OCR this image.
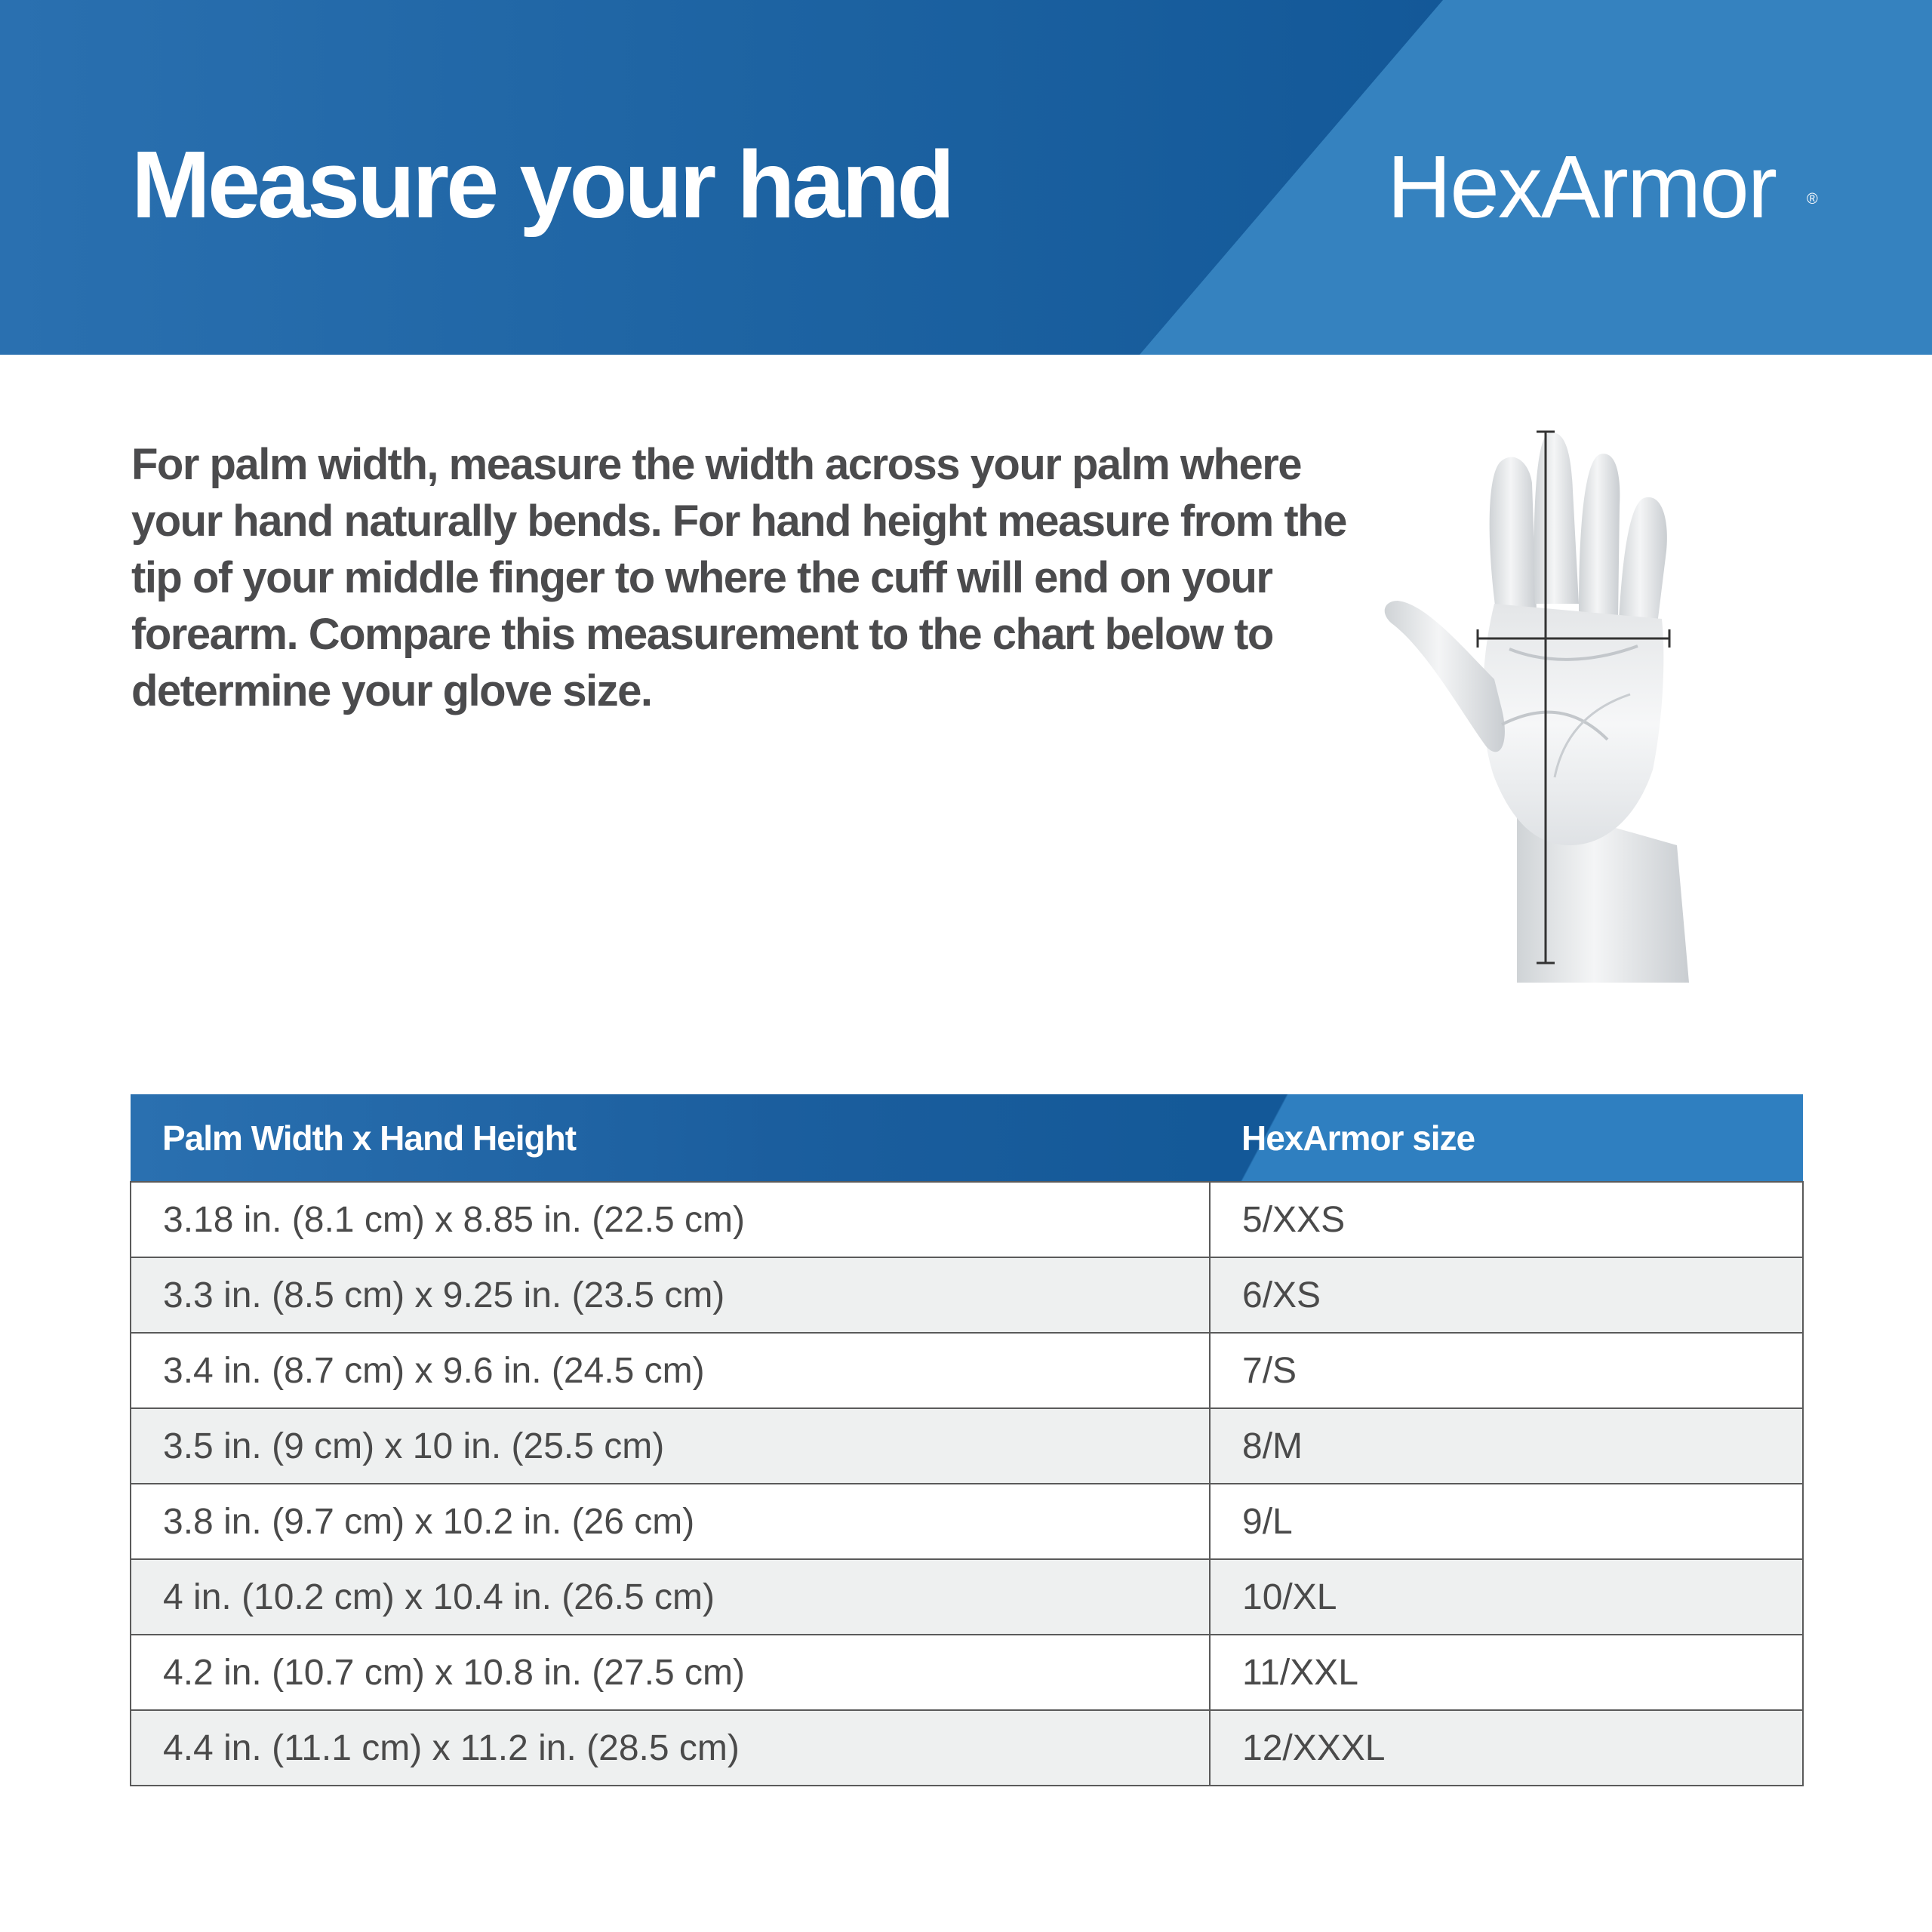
Measure your hand	HexArmor ®
For palm width, measure the width across your palm where your hand naturally bends. For hand height measure from the tip of your middle finger to where the cuff will end on your forearm. Compare this measurement to the chart below to determine your glove size.
Palm Width x Hand Height	HexArmor size
3.18 in. (8.1 cm) x 8.85 in. (22.5 cm)	5/XXS
3.3 in. (8.5 cm) x 9.25 in. (23.5 cm)	6/XS
3.4 in. (8.7 cm) x 9.6 in. (24.5 cm)	7/S
3.5 in. (9 cm) x 10 in. (25.5 cm)	8/M
3.8 in. (9.7 cm) x 10.2 in. (26 cm)	9/L
4 in. (10.2 cm) x 10.4 in. (26.5 cm)	10/XL
4.2 in. (10.7 cm) x 10.8 in. (27.5 cm)	11/XXL
4.4 in. (11.1 cm) x 11.2 in. (28.5 cm)	12/XXXL
